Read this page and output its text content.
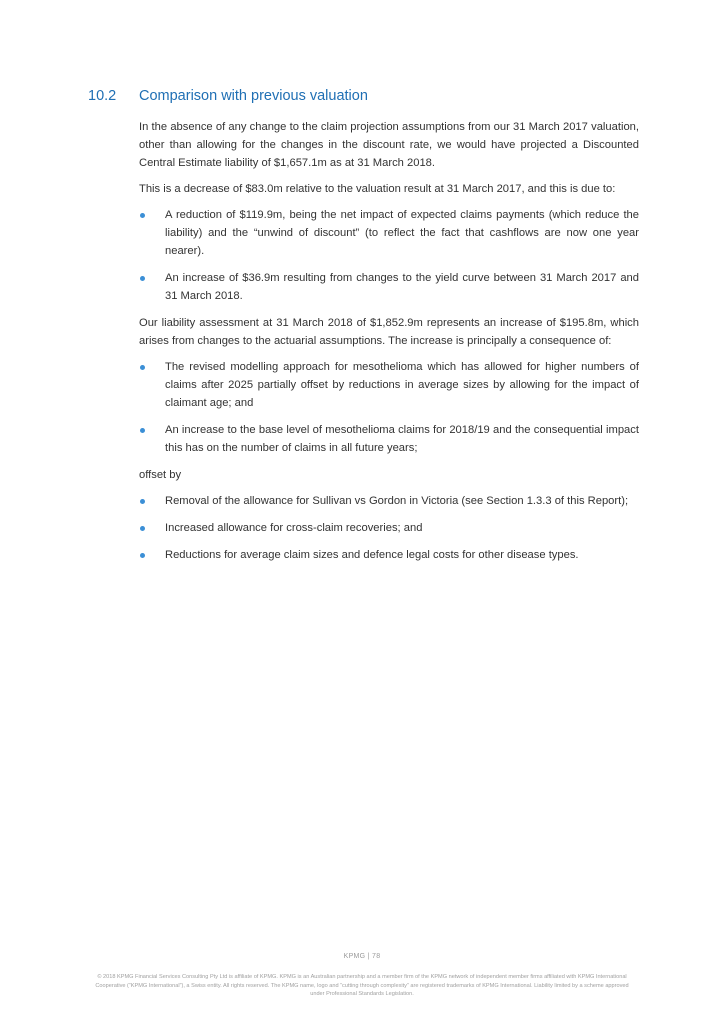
10.2 Comparison with previous valuation

In the absence of any change to the claim projection assumptions from our 31 March 2017 valuation, other than allowing for the changes in the discount rate, we would have projected a Discounted Central Estimate liability of $1,657.1m as at 31 March 2018.

This is a decrease of $83.0m relative to the valuation result at 31 March 2017, and this is due to:

A reduction of $119.9m, being the net impact of expected claims payments (which reduce the liability) and the “unwind of discount” (to reflect the fact that cashflows are now one year nearer).
An increase of $36.9m resulting from changes to the yield curve between 31 March 2017 and 31 March 2018.

Our liability assessment at 31 March 2018 of $1,852.9m represents an increase of $195.8m, which arises from changes to the actuarial assumptions. The increase is principally a consequence of:

The revised modelling approach for mesothelioma which has allowed for higher numbers of claims after 2025 partially offset by reductions in average sizes by allowing for the impact of claimant age; and
An increase to the base level of mesothelioma claims for 2018/19 and the consequential impact this has on the number of claims in all future years;

offset by

Removal of the allowance for Sullivan vs Gordon in Victoria (see Section 1.3.3 of this Report);
Increased allowance for cross-claim recoveries; and
Reductions for average claim sizes and defence legal costs for other disease types.
KPMG | 78
© 2018 KPMG Financial Services Consulting Pty Ltd is affiliate of KPMG. KPMG is an Australian partnership and a member firm of the KPMG network of independent member firms affiliated with KPMG International Cooperative (“KPMG International”), a Swiss entity. All rights reserved. The KPMG name, logo and “cutting through complexity” are registered trademarks of KPMG International. Liability limited by a scheme approved under Professional Standards Legislation.
